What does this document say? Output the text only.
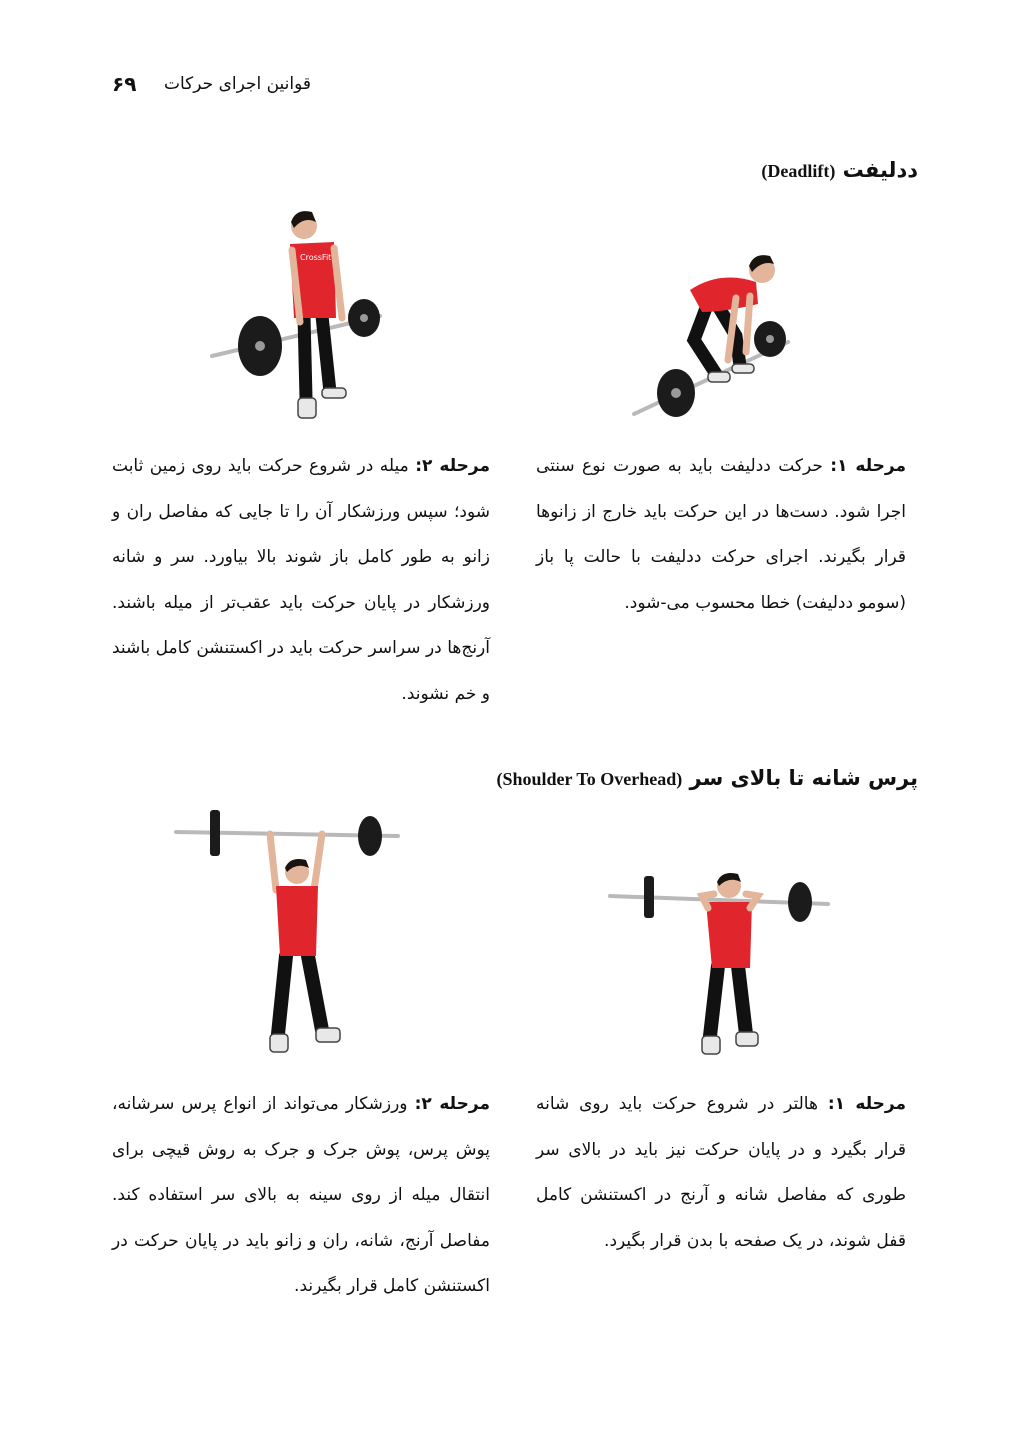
۶۹ قوانین اجرای حرکات
ددلیفت (Deadlift)
CrossFit
مرحله ۱: حرکت ددلیفت باید به صورت نوع سنتی اجرا شود. دست‌ها در این حرکت باید خارج از زانوها قرار بگیرند. اجرای حرکت ددلیفت با حالت پا باز (سومو ددلیفت) خطا محسوب می-شود.
مرحله ۲: میله در شروع حرکت باید روی زمین ثابت شود؛ سپس ورزشکار آن را تا جایی که مفاصل ران و زانو به طور کامل باز شوند بالا بیاورد. سر و شانه ورزشکار در پایان حرکت باید عقب‌تر از میله باشند. آرنج‌ها در سراسر حرکت باید در اکستنشن کامل باشند و خم نشوند.
پرس شانه تا بالای سر (Shoulder To Overhead)
مرحله ۱: هالتر در شروع حرکت باید روی شانه قرار بگیرد و در پایان حرکت نیز باید در بالای سر طوری که مفاصل شانه و آرنج در اکستنشن کامل قفل شوند، در یک صفحه با بدن قرار بگیرد.
مرحله ۲: ورزشکار می‌تواند از انواع پرس سرشانه، پوش پرس، پوش جرک و جرک به روش قیچی برای انتقال میله از روی سینه به بالای سر استفاده کند. مفاصل آرنج، شانه، ران و زانو باید در پایان حرکت در اکستنشن کامل قرار بگیرند.
